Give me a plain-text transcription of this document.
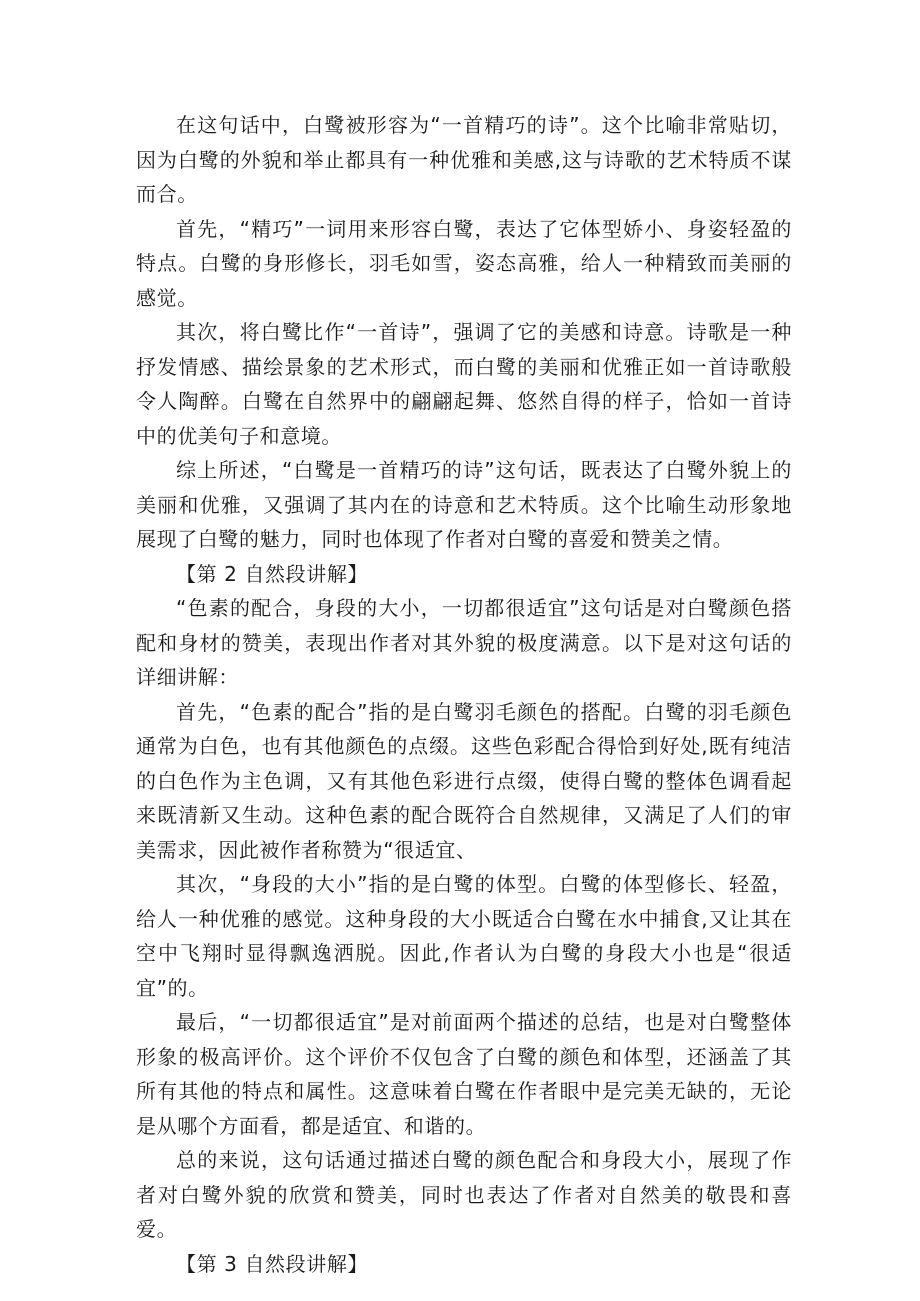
在这句话中，白鹭被形容为“一首精巧的诗”。这个比喻非常贴切，因为白鹭的外貌和举止都具有一种优雅和美感,这与诗歌的艺术特质不谋而合。

首先，“精巧”一词用来形容白鹭，表达了它体型娇小、身姿轻盈的特点。白鹭的身形修长，羽毛如雪，姿态高雅，给人一种精致而美丽的感觉。

其次，将白鹭比作“一首诗”，强调了它的美感和诗意。诗歌是一种抒发情感、描绘景象的艺术形式，而白鹭的美丽和优雅正如一首诗歌般令人陶醉。白鹭在自然界中的翩翩起舞、悠然自得的样子，恰如一首诗中的优美句子和意境。

综上所述，“白鹭是一首精巧的诗”这句话，既表达了白鹭外貌上的美丽和优雅，又强调了其内在的诗意和艺术特质。这个比喻生动形象地展现了白鹭的魅力，同时也体现了作者对白鹭的喜爱和赞美之情。

【第 2 自然段讲解】

“色素的配合，身段的大小，一切都很适宜”这句话是对白鹭颜色搭配和身材的赞美，表现出作者对其外貌的极度满意。以下是对这句话的详细讲解：

首先，“色素的配合”指的是白鹭羽毛颜色的搭配。白鹭的羽毛颜色通常为白色，也有其他颜色的点缀。这些色彩配合得恰到好处,既有纯洁的白色作为主色调，又有其他色彩进行点缀，使得白鹭的整体色调看起来既清新又生动。这种色素的配合既符合自然规律，又满足了人们的审美需求，因此被作者称赞为“很适宜、

其次，“身段的大小”指的是白鹭的体型。白鹭的体型修长、轻盈，给人一种优雅的感觉。这种身段的大小既适合白鹭在水中捕食,又让其在空中飞翔时显得飘逸洒脱。因此,作者认为白鹭的身段大小也是“很适宜”的。

最后，“一切都很适宜”是对前面两个描述的总结，也是对白鹭整体形象的极高评价。这个评价不仅包含了白鹭的颜色和体型，还涵盖了其所有其他的特点和属性。这意味着白鹭在作者眼中是完美无缺的，无论是从哪个方面看，都是适宜、和谐的。

总的来说，这句话通过描述白鹭的颜色配合和身段大小，展现了作者对白鹭外貌的欣赏和赞美，同时也表达了作者对自然美的敬畏和喜爱。

【第 3 自然段讲解】
